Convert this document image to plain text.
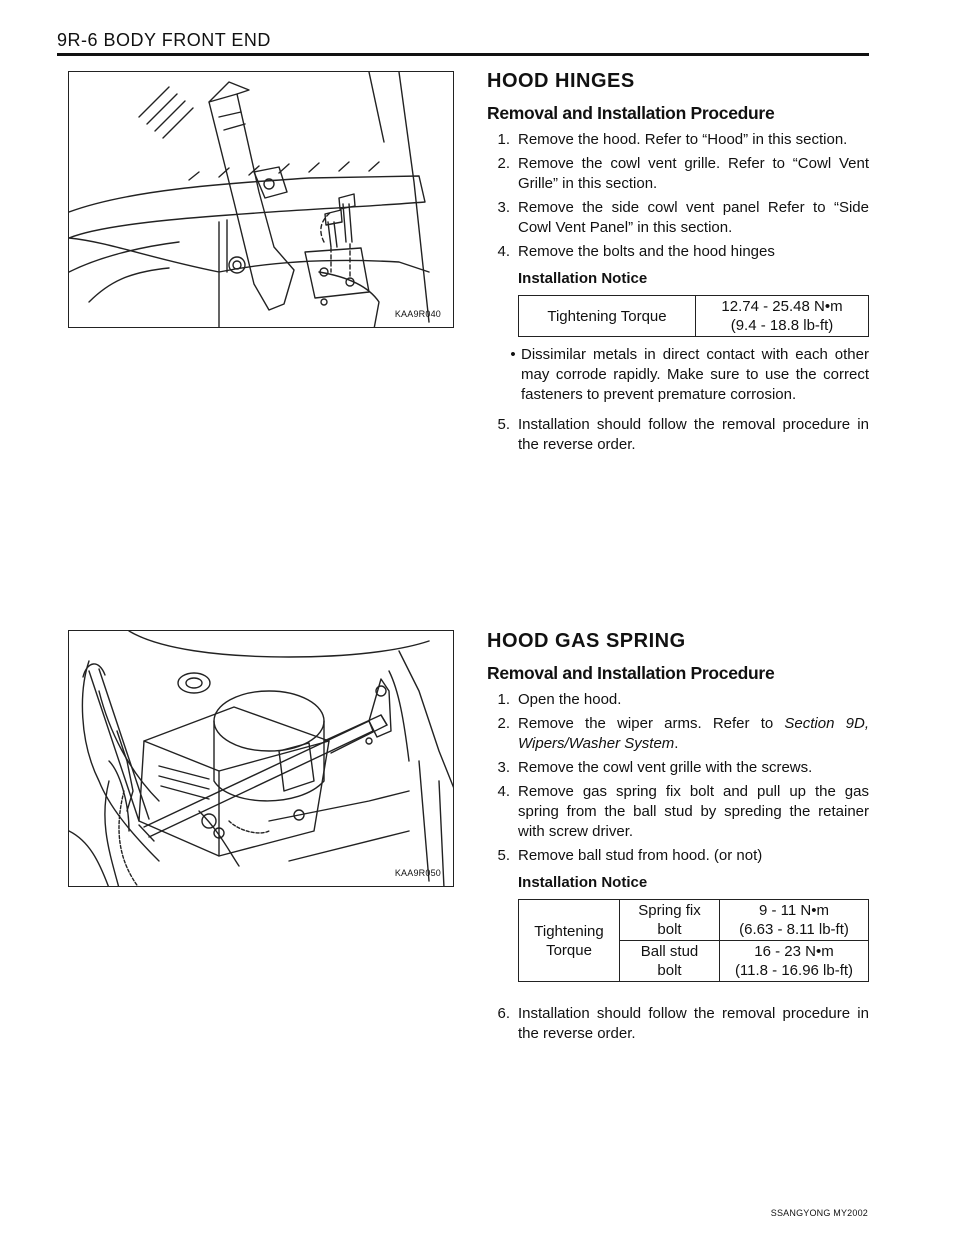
9R-6 BODY FRONT END
KAA9R040
KAA9R050
HOOD HINGES
Removal and Installation Procedure
1. Remove the hood. Refer to “Hood” in this section.
2. Remove the cowl vent grille. Refer to “Cowl Vent Grille” in this section.
3. Remove the side cowl vent panel Refer to “Side Cowl Vent Panel” in this section.
4. Remove the bolts and the hood hinges
Installation Notice
Tightening Torque	12.74 - 25.48 N•m
(9.4 - 18.8 lb-ft)
• Dissimilar metals in direct contact with each other may corrode rapidly. Make sure to use the correct fasteners to prevent premature corrosion.
5. Installation should follow the removal procedure in the reverse order.
HOOD GAS SPRING
Removal and Installation Procedure
1. Open the hood.
2. Remove the wiper arms. Refer to Section 9D, Wipers/Washer System.
3. Remove the cowl vent grille with the screws.
4. Remove gas spring fix bolt and pull up the gas spring from the ball stud by spreding the retainer with screw driver.
5. Remove ball stud from hood. (or not)
Installation Notice
Tightening
Torque	Spring fix
bolt	9 - 11 N•m
(6.63 - 8.11 lb-ft)
	Ball stud
bolt	16 - 23 N•m
(11.8 - 16.96 lb-ft)
6. Installation should follow the removal procedure in the reverse order.
SSANGYONG MY2002
